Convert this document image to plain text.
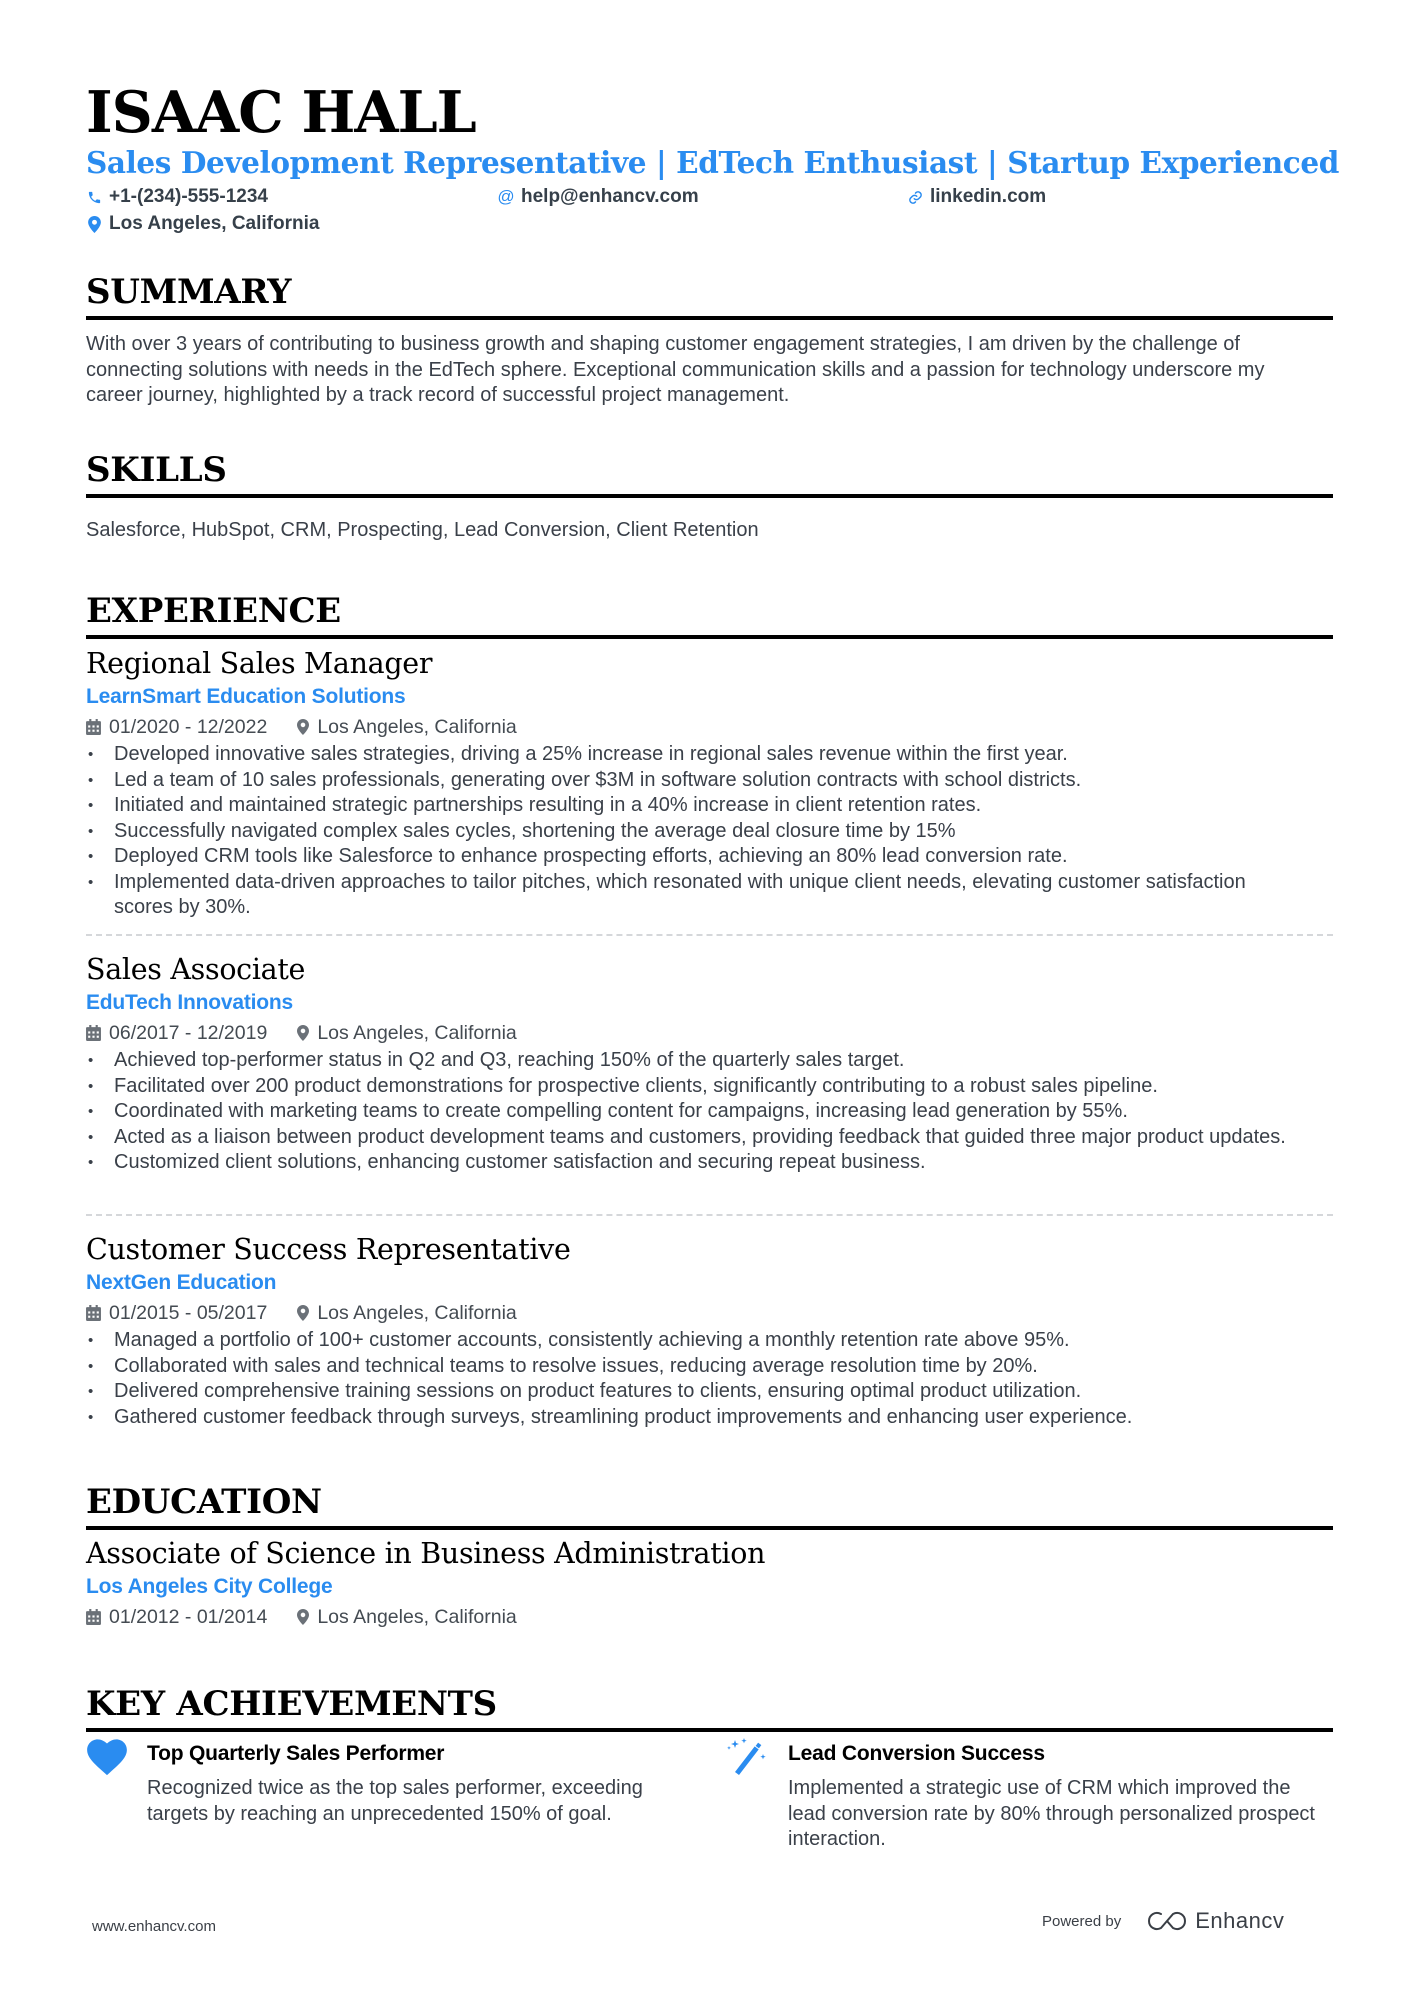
ISAAC HALL
Sales Development Representative | EdTech Enthusiast | Startup Experienced
+1-(234)-555-1234	@ help@enhancv.com	linkedin.com
Los Angeles, California
SUMMARY

With over 3 years of contributing to business growth and shaping customer engagement strategies, I am driven by the challenge of connecting solutions with needs in the EdTech sphere. Exceptional communication skills and a passion for technology underscore my career journey, highlighted by a track record of successful project management.

SKILLS

Salesforce, HubSpot, CRM, Prospecting, Lead Conversion, Client Retention

EXPERIENCE
Regional Sales Manager
LearnSmart Education Solutions
01/2020 - 12/2022	Los Angeles, California
• Developed innovative sales strategies, driving a 25% increase in regional sales revenue within the first year.
• Led a team of 10 sales professionals, generating over $3M in software solution contracts with school districts.
• Initiated and maintained strategic partnerships resulting in a 40% increase in client retention rates.
• Successfully navigated complex sales cycles, shortening the average deal closure time by 15%
• Deployed CRM tools like Salesforce to enhance prospecting efforts, achieving an 80% lead conversion rate.
• Implemented data-driven approaches to tailor pitches, which resonated with unique client needs, elevating customer satisfaction scores by 30%.
Sales Associate
EduTech Innovations
06/2017 - 12/2019	Los Angeles, California
• Achieved top-performer status in Q2 and Q3, reaching 150% of the quarterly sales target.
• Facilitated over 200 product demonstrations for prospective clients, significantly contributing to a robust sales pipeline.
• Coordinated with marketing teams to create compelling content for campaigns, increasing lead generation by 55%.
• Acted as a liaison between product development teams and customers, providing feedback that guided three major product updates.
• Customized client solutions, enhancing customer satisfaction and securing repeat business.
Customer Success Representative
NextGen Education
01/2015 - 05/2017	Los Angeles, California
• Managed a portfolio of 100+ customer accounts, consistently achieving a monthly retention rate above 95%.
• Collaborated with sales and technical teams to resolve issues, reducing average resolution time by 20%.
• Delivered comprehensive training sessions on product features to clients, ensuring optimal product utilization.
• Gathered customer feedback through surveys, streamlining product improvements and enhancing user experience.
EDUCATION
Associate of Science in Business Administration
Los Angeles City College
01/2012 - 01/2014	Los Angeles, California
KEY ACHIEVEMENTS
Top Quarterly Sales Performer

Recognized twice as the top sales performer, exceeding targets by reaching an unprecedented 150% of goal.

Lead Conversion Success

Implemented a strategic use of CRM which improved the lead conversion rate by 80% through personalized prospect interaction.

www.enhancv.com	Powered by	Enhancv
